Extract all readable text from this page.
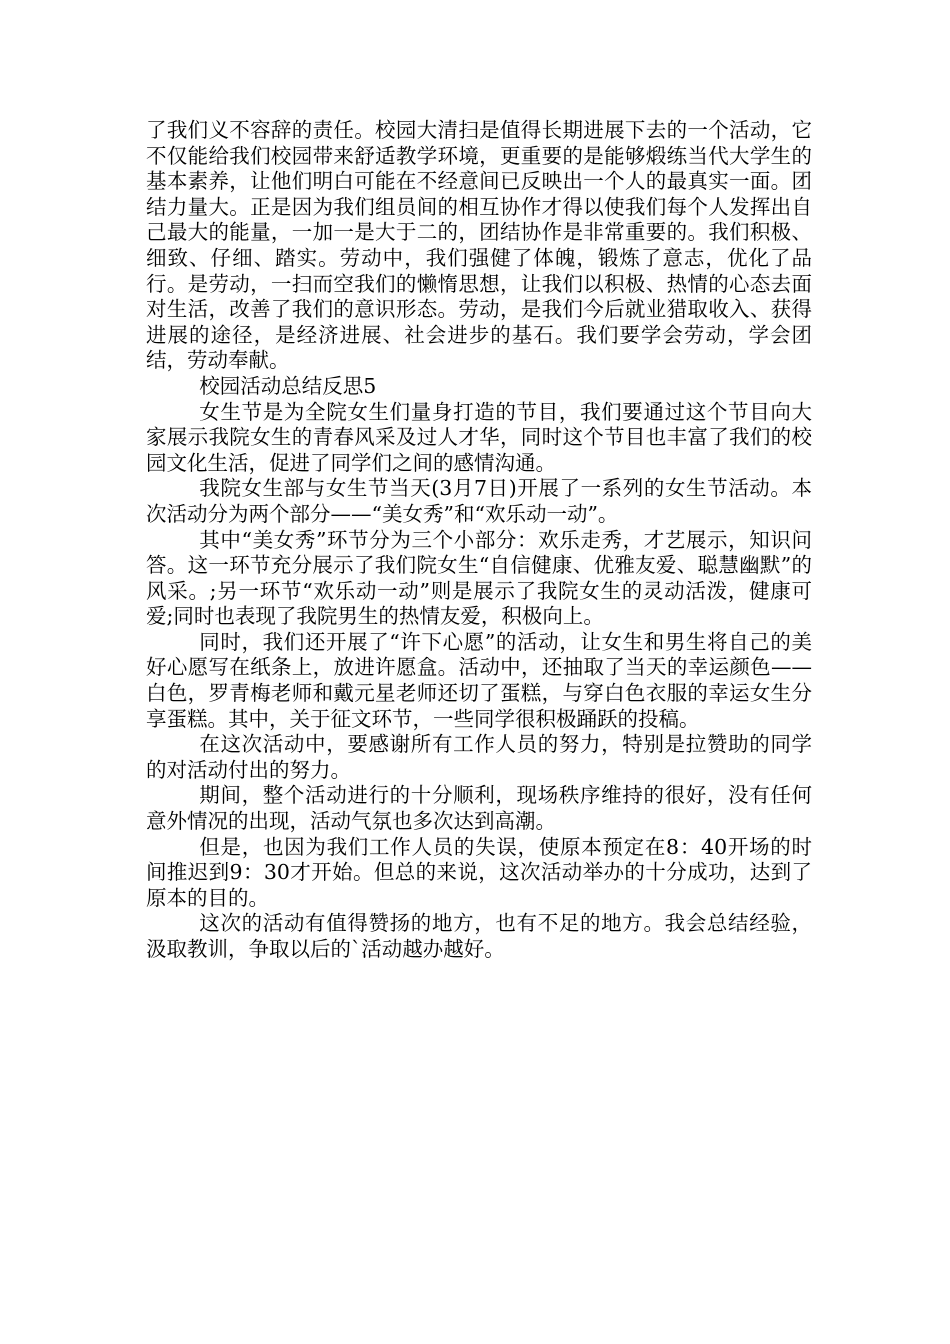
了我们义不容辞的责任。校园大清扫是值得长期进展下去的一个活动，它不仅能给我们校园带来舒适教学环境，更重要的是能够煅练当代大学生的基本素养，让他们明白可能在不经意间已反映出一个人的最真实一面。团结力量大。正是因为我们组员间的相互协作才得以使我们每个人发挥出自己最大的能量，一加一是大于二的，团结协作是非常重要的。我们积极、细致、仔细、踏实。劳动中，我们强健了体魄，锻炼了意志，优化了品行。是劳动，一扫而空我们的懒惰思想，让我们以积极、热情的心态去面对生活，改善了我们的意识形态。劳动，是我们今后就业猎取收入、获得进展的途径，是经济进展、社会进步的基石。我们要学会劳动，学会团结，劳动奉献。

校园活动总结反思5

女生节是为全院女生们量身打造的节目，我们要通过这个节目向大家展示我院女生的青春风采及过人才华，同时这个节目也丰富了我们的校园文化生活，促进了同学们之间的感情沟通。

我院女生部与女生节当天(3月7日)开展了一系列的女生节活动。本次活动分为两个部分——“美女秀”和“欢乐动一动”。

其中“美女秀”环节分为三个小部分：欢乐走秀，才艺展示，知识问答。这一环节充分展示了我们院女生“自信健康、优雅友爱、聪慧幽默”的风采。;另一环节“欢乐动一动”则是展示了我院女生的灵动活泼，健康可爱;同时也表现了我院男生的热情友爱，积极向上。

同时，我们还开展了“许下心愿”的活动，让女生和男生将自己的美好心愿写在纸条上，放进许愿盒。活动中，还抽取了当天的幸运颜色——白色，罗青梅老师和戴元星老师还切了蛋糕，与穿白色衣服的幸运女生分享蛋糕。其中，关于征文环节，一些同学很积极踊跃的投稿。

在这次活动中，要感谢所有工作人员的努力，特别是拉赞助的同学的对活动付出的努力。

期间，整个活动进行的十分顺利，现场秩序维持的很好，没有任何意外情况的出现，活动气氛也多次达到高潮。

但是，也因为我们工作人员的失误，使原本预定在8：40开场的时间推迟到9：30才开始。但总的来说，这次活动举办的十分成功，达到了原本的目的。

这次的活动有值得赞扬的地方，也有不足的地方。我会总结经验，汲取教训，争取以后的`活动越办越好。
